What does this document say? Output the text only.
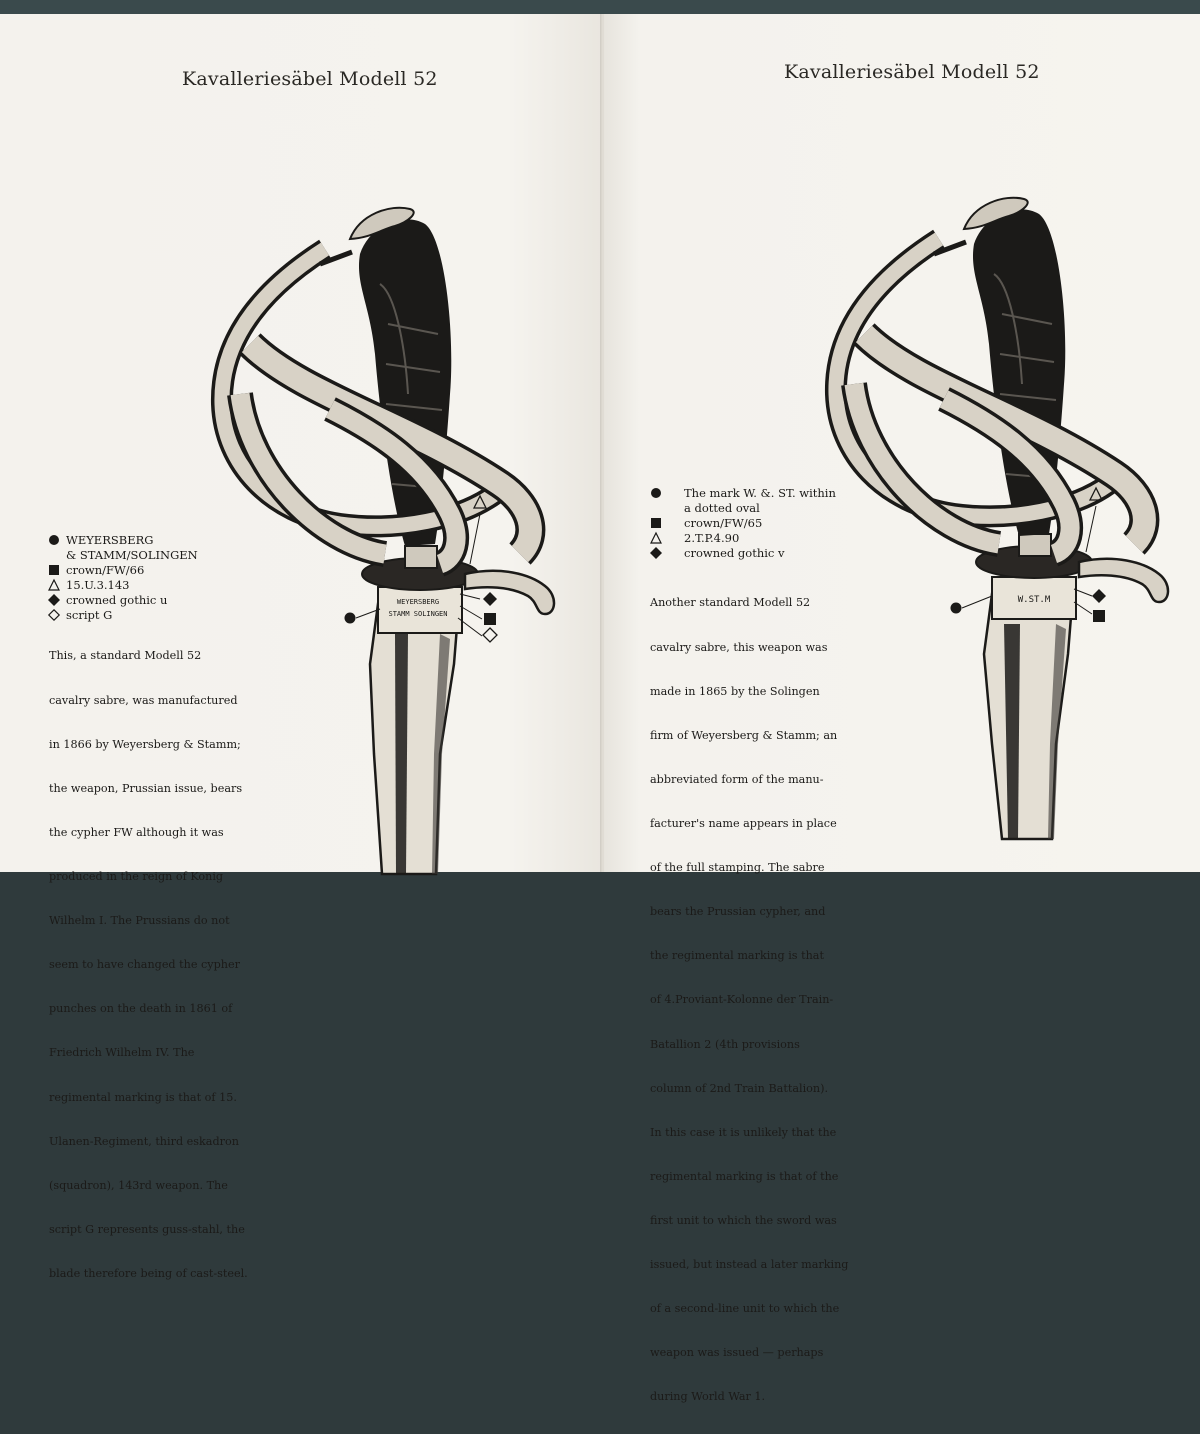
Kavalleriesäbel Modell 52
WEYERSBERG
STAMM SOLINGEN
WEYERSBERG
& STAMM/SOLINGEN
crown/FW/66
15.U.3.143
crowned gothic u
script G

This, a standard Modell 52

cavalry sabre, was manufactured

in 1866 by Weyersberg & Stamm;

the weapon, Prussian issue, bears

the cypher FW although it was

produced in the reign of Konig

Wilhelm I. The Prussians do not

seem to have changed the cypher

punches on the death in 1861 of

Friedrich Wilhelm IV. The

regimental marking is that of 15.

Ulanen-Regiment, third eskadron

(squadron), 143rd weapon. The

script G represents guss-stahl, the

blade therefore being of cast-steel.

Kavalleriesäbel Modell 52
W.ST.M
The mark W. &. ST. within
a dotted oval
crown/FW/65
2.T.P.4.90
crowned gothic v

Another standard Modell 52

cavalry sabre, this weapon was

made in 1865 by the Solingen

firm of Weyersberg & Stamm; an

abbreviated form of the manu-

facturer's name appears in place

of the full stamping. The sabre

bears the Prussian cypher, and

the regimental marking is that

of 4.Proviant-Kolonne der Train-

Batallion 2 (4th provisions

column of 2nd Train Battalion).

In this case it is unlikely that the

regimental marking is that of the

first unit to which the sword was

issued, but instead a later marking

of a second-line unit to which the

weapon was issued — perhaps

during World War 1.
